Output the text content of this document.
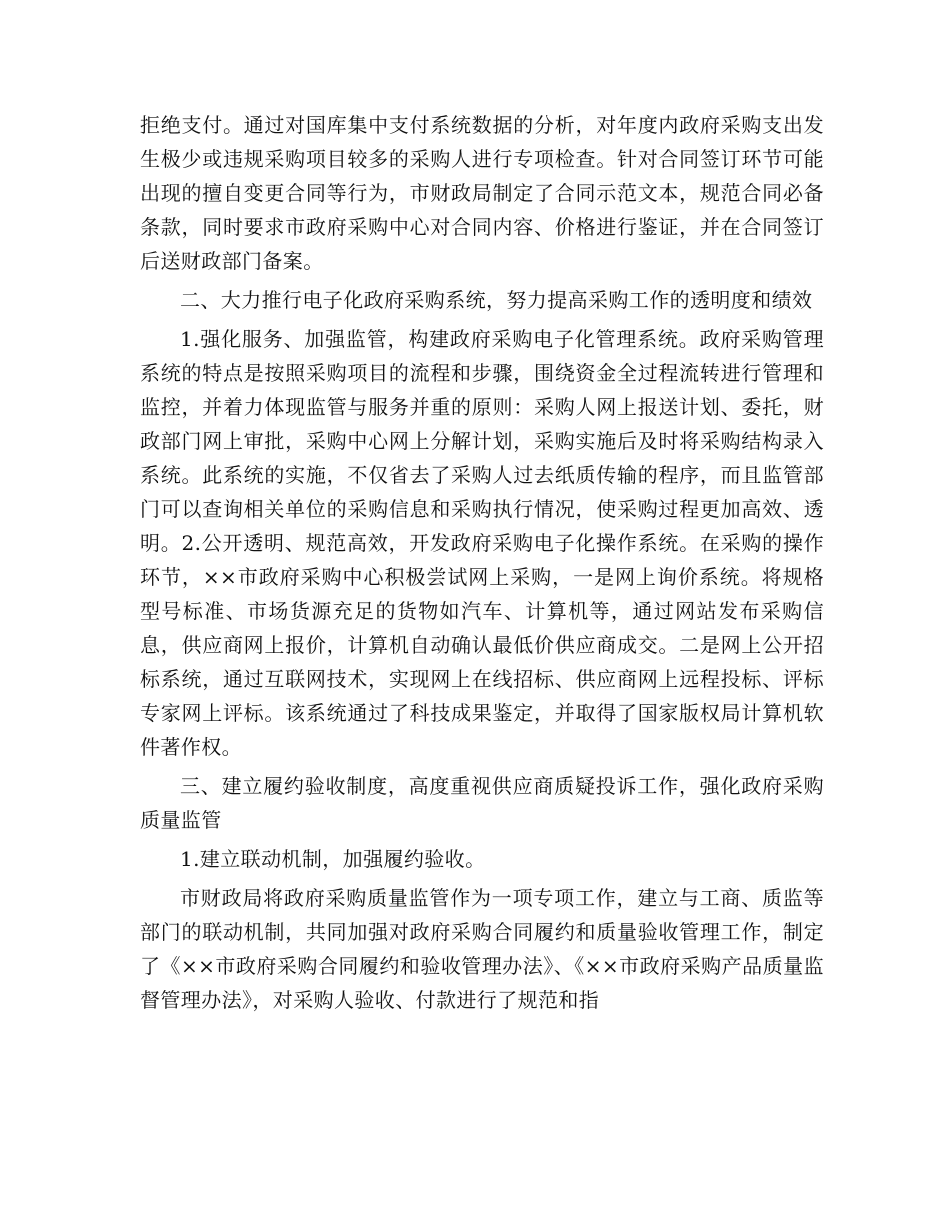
拒绝支付。通过对国库集中支付系统数据的分析，对年度内政府采购支出发生极少或违规采购项目较多的采购人进行专项检查。针对合同签订环节可能出现的擅自变更合同等行为，市财政局制定了合同示范文本，规范合同必备条款，同时要求市政府采购中心对合同内容、价格进行鉴证，并在合同签订后送财政部门备案。

二、大力推行电子化政府采购系统，努力提高采购工作的透明度和绩效

1.强化服务、加强监管，构建政府采购电子化管理系统。政府采购管理系统的特点是按照采购项目的流程和步骤，围绕资金全过程流转进行管理和监控，并着力体现监管与服务并重的原则：采购人网上报送计划、委托，财政部门网上审批，采购中心网上分解计划，采购实施后及时将采购结构录入系统。此系统的实施，不仅省去了采购人过去纸质传输的程序，而且监管部门可以查询相关单位的采购信息和采购执行情况，使采购过程更加高效、透明。2.公开透明、规范高效，开发政府采购电子化操作系统。在采购的操作环节，××市政府采购中心积极尝试网上采购，一是网上询价系统。将规格型号标准、市场货源充足的货物如汽车、计算机等，通过网站发布采购信息，供应商网上报价，计算机自动确认最低价供应商成交。二是网上公开招标系统，通过互联网技术，实现网上在线招标、供应商网上远程投标、评标专家网上评标。该系统通过了科技成果鉴定，并取得了国家版权局计算机软件著作权。

三、建立履约验收制度，高度重视供应商质疑投诉工作，强化政府采购质量监管

1.建立联动机制，加强履约验收。

市财政局将政府采购质量监管作为一项专项工作，建立与工商、质监等部门的联动机制，共同加强对政府采购合同履约和质量验收管理工作，制定了《××市政府采购合同履约和验收管理办法》、《××市政府采购产品质量监督管理办法》，对采购人验收、付款进行了规范和指
